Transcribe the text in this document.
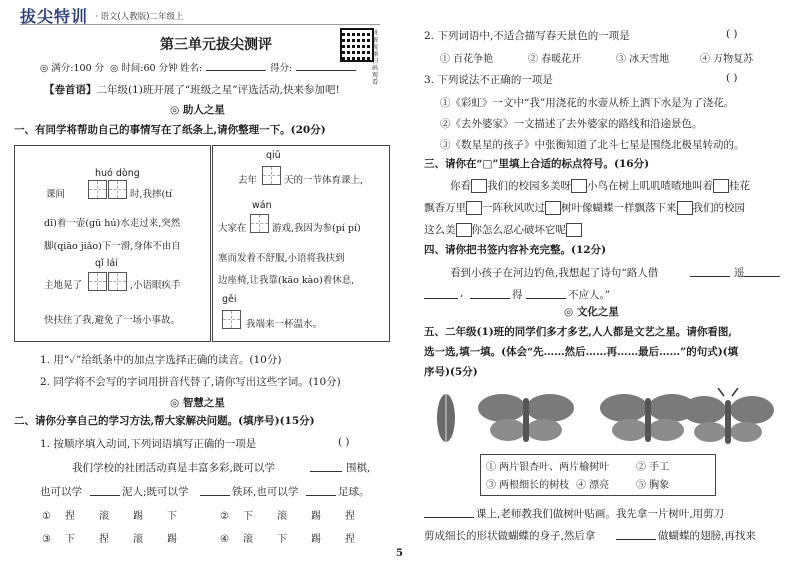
拔尖特训 · 语文(人教版)二年级上
第三单元拔尖测评
讲解视频 扫码观看
◎ 满分:100 分 ◎ 时间:60 分钟 姓名:	得分:
【卷首语】二年级(1)班开展了“班级之星”评选活动,快来参加吧!
◎ 助人之星
一、有同学将帮助自己的事情写在了纸条上,请你整理一下。(20分)
huó dòng
课间	时,我摔(tí
dī)着一壶(gū hú)水走过来,突然
脚(qiāo jiǎo)下一滑,身体不由自
qǐ lái
主地晃了	,小语眼疾手
快扶住了我,避免了一场小事故。
qiū
去年	天的一节体育课上,
wán
大家在	游戏,我因为参(pí pí)
塞而发着不舒服,小语将我扶到
边座椅,让我靠(kāo kào)着休息,
gěi
我端来一杯温水。
1. 用“✓”给纸条中的加点字选择正确的读音。(10分)
2. 同学将不会写的字词用拼音代替了,请你写出这些字词。(10分)
◎ 智慧之星
二、请你分享自己的学习方法,帮大家解决问题。(填序号)(15分)
1. 按顺序填入动词,下列词语填写正确的一项是	( )
我们学校的社团活动真是丰富多彩,既可以学	围棋,
也可以学	泥人;既可以学	铁环,也可以学	足球。
① 捏 滚 踢 下	② 下 滚 踢 捏
③ 下 捏 滚 踢	④ 滚 下 踢 捏
2. 下列词语中,不适合描写春天景色的一项是	( )
① 百花争艳	② 春暖花开	③ 冰天雪地	④ 万物复苏
3. 下列说法不正确的一项是	( )
①《彩虹》一文中“我”用浇花的水壶从桥上洒下水是为了浇花。
②《去外婆家》一文描述了去外婆家的路线和沿途景色。
③《数星星的孩子》中张衡知道了北斗七星是围绕北极星转动的。
三、请你在“□”里填上合适的标点符号。(16分)
你看 我们的校园多美呀 小鸟在树上叽叽喳喳地叫着 桂花
飘香万里 一阵秋风吹过 树叶像蝴蝶一样飘落下来 我们的校园
这么美 你怎么忍心破坏它呢
四、请你把书签内容补充完整。(12分)
看到小孩子在河边钓鱼,我想起了诗句“路人借	遥
,	得	不应人。”
◎ 文化之星
五、二年级(1)班的同学们多才多艺,人人都是文艺之星。请你看图,
选一选,填一填。(体会“先……然后……再……最后……”的句式)(填
序号)(5分)
① 两片银杏叶、两片榆树叶	② 手工
③ 两根细长的树枝 ④ 漂亮	⑤ 胸象
课上,老师教我们做树叶贴画。我先拿一片树叶,用剪刀
剪成细长的形状做蝴蝶的身子,然后拿	做蝴蝶的翅膀,再找来
5
